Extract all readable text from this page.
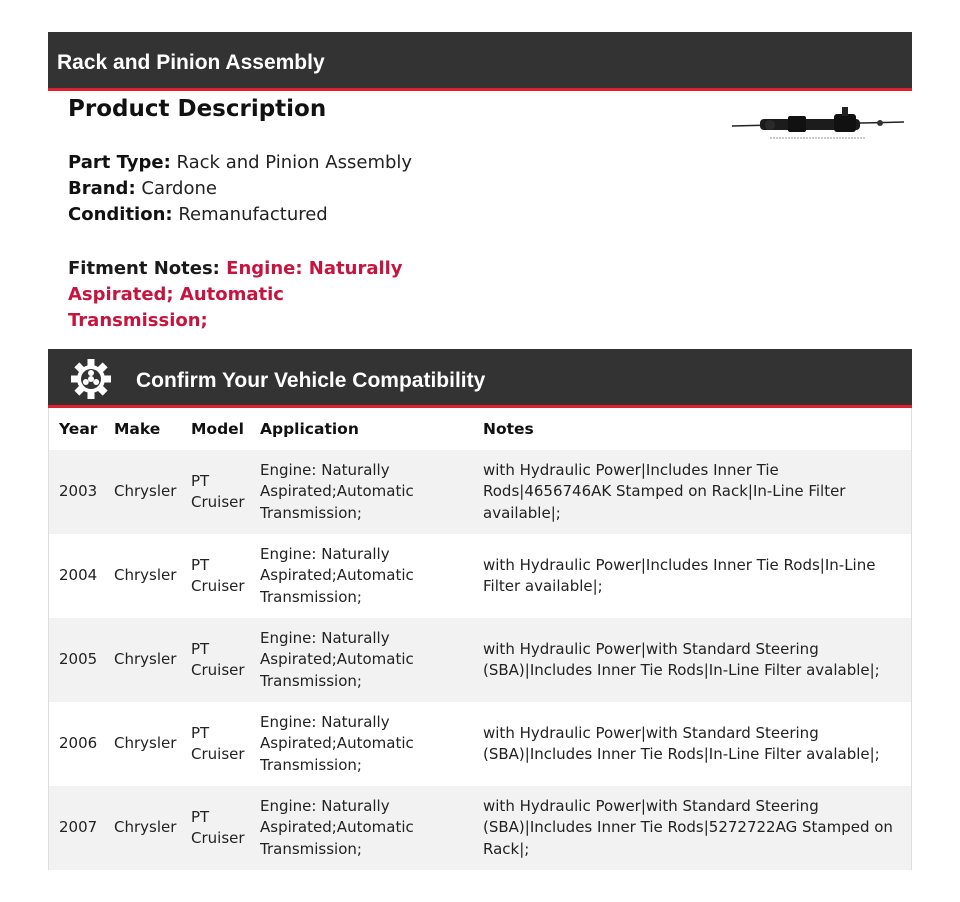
Rack and Pinion Assembly
Product Description
Part Type: Rack and Pinion Assembly
Brand: Cardone
Condition: Remanufactured
Fitment Notes: Engine: Naturally Aspirated; Automatic Transmission;
Confirm Your Vehicle Compatibility
Year	Make	Model	Application	Notes
2003	Chrysler	PT Cruiser	Engine: Naturally Aspirated;Automatic Transmission;	with Hydraulic Power|Includes Inner Tie Rods|4656746AK Stamped on Rack|In-Line Filter available|;
2004	Chrysler	PT Cruiser	Engine: Naturally Aspirated;Automatic Transmission;	with Hydraulic Power|Includes Inner Tie Rods|In-Line Filter available|;
2005	Chrysler	PT Cruiser	Engine: Naturally Aspirated;Automatic Transmission;	with Hydraulic Power|with Standard Steering (SBA)|Includes Inner Tie Rods|In-Line Filter avalable|;
2006	Chrysler	PT Cruiser	Engine: Naturally Aspirated;Automatic Transmission;	with Hydraulic Power|with Standard Steering (SBA)|Includes Inner Tie Rods|In-Line Filter avalable|;
2007	Chrysler	PT Cruiser	Engine: Naturally Aspirated;Automatic Transmission;	with Hydraulic Power|with Standard Steering (SBA)|Includes Inner Tie Rods|5272722AG Stamped on Rack|;
